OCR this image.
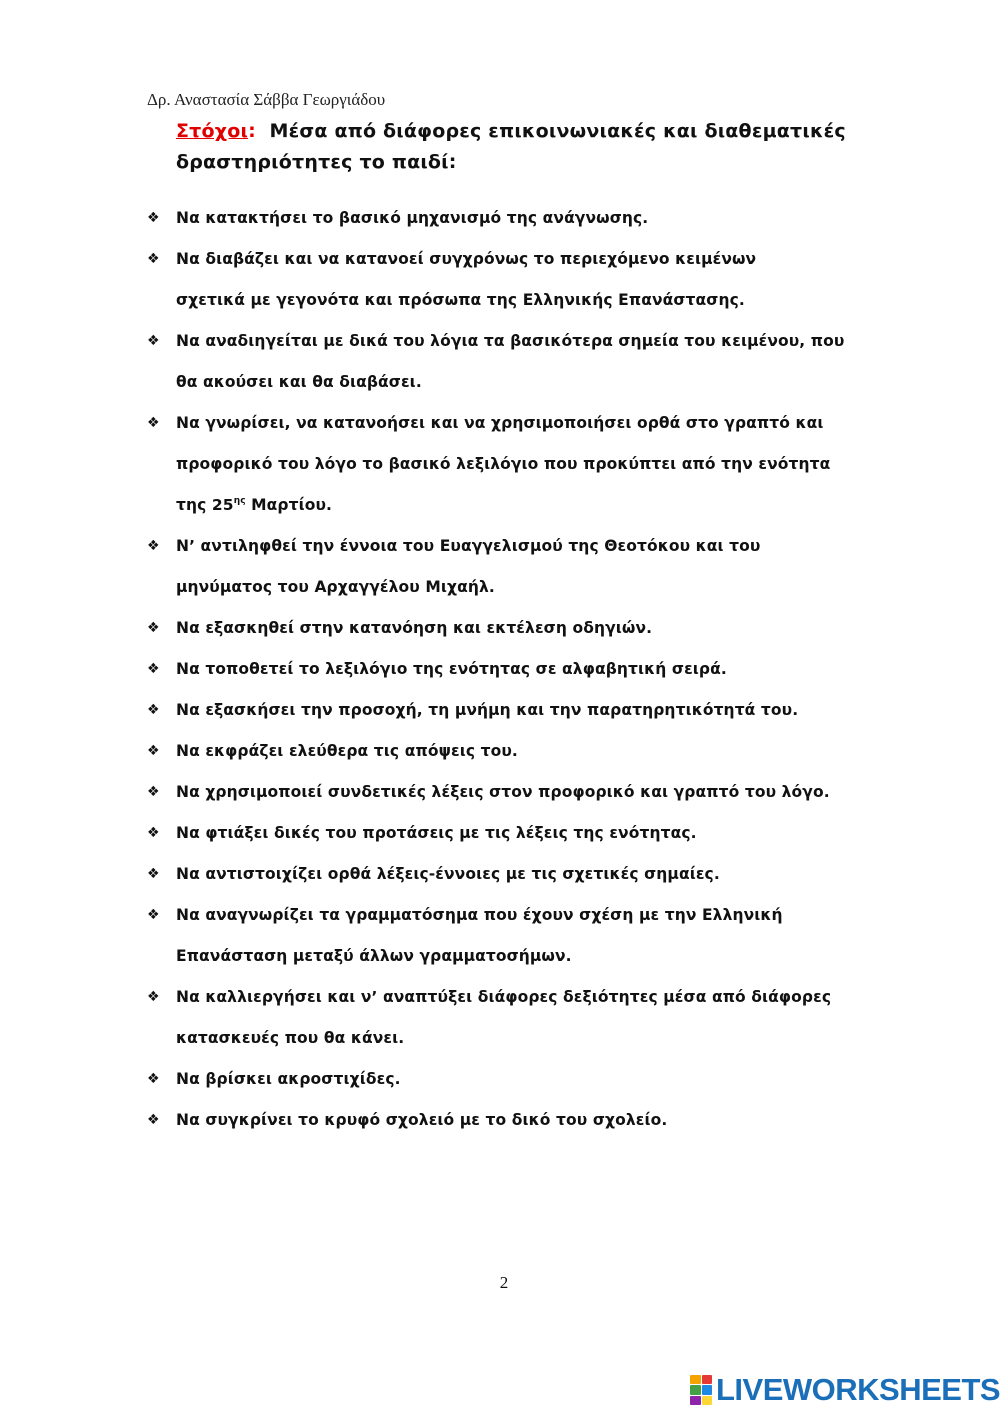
Δρ. Αναστασία Σάββα Γεωργιάδου
Στόχοι: Μέσα από διάφορες επικοινωνιακές και διαθεματικές δραστηριότητες το παιδί:
❖ Να κατακτήσει το βασικό μηχανισμό της ανάγνωσης.
❖ Να διαβάζει και να κατανοεί συγχρόνως το περιεχόμενο κειμένων
σχετικά με γεγονότα και πρόσωπα της Ελληνικής Επανάστασης.
❖ Να αναδιηγείται με δικά του λόγια τα βασικότερα σημεία του κειμένου, που
θα ακούσει και θα διαβάσει.
❖ Να γνωρίσει, να κατανοήσει και να χρησιμοποιήσει ορθά στο γραπτό και
προφορικό του λόγο το βασικό λεξιλόγιο που προκύπτει από την ενότητα
της $25^{\eta\varsigma}$ Μαρτίου.
❖ Ν’ αντιληφθεί την έννοια του Ευαγγελισμού της Θεοτόκου και του
μηνύματος του Αρχαγγέλου Μιχαήλ.
❖ Να εξασκηθεί στην κατανόηση και εκτέλεση οδηγιών.
❖ Να τοποθετεί το λεξιλόγιο της ενότητας σε αλφαβητική σειρά.
❖ Να εξασκήσει την προσοχή, τη μνήμη και την παρατηρητικότητά του.
❖ Να εκφράζει ελεύθερα τις απόψεις του.
❖ Να χρησιμοποιεί συνδετικές λέξεις στον προφορικό και γραπτό του λόγο.
❖ Να φτιάξει δικές του προτάσεις με τις λέξεις της ενότητας.
❖ Να αντιστοιχίζει ορθά λέξεις-έννοιες με τις σχετικές σημαίες.
❖ Να αναγνωρίζει τα γραμματόσημα που έχουν σχέση με την Ελληνική
Επανάσταση μεταξύ άλλων γραμματοσήμων.
❖ Να καλλιεργήσει και ν’ αναπτύξει διάφορες δεξιότητες μέσα από διάφορες
κατασκευές που θα κάνει.
❖ Να βρίσκει ακροστιχίδες.
❖ Να συγκρίνει το κρυφό σχολειό με το δικό του σχολείο.
2
LIVEWORKSHEETS
